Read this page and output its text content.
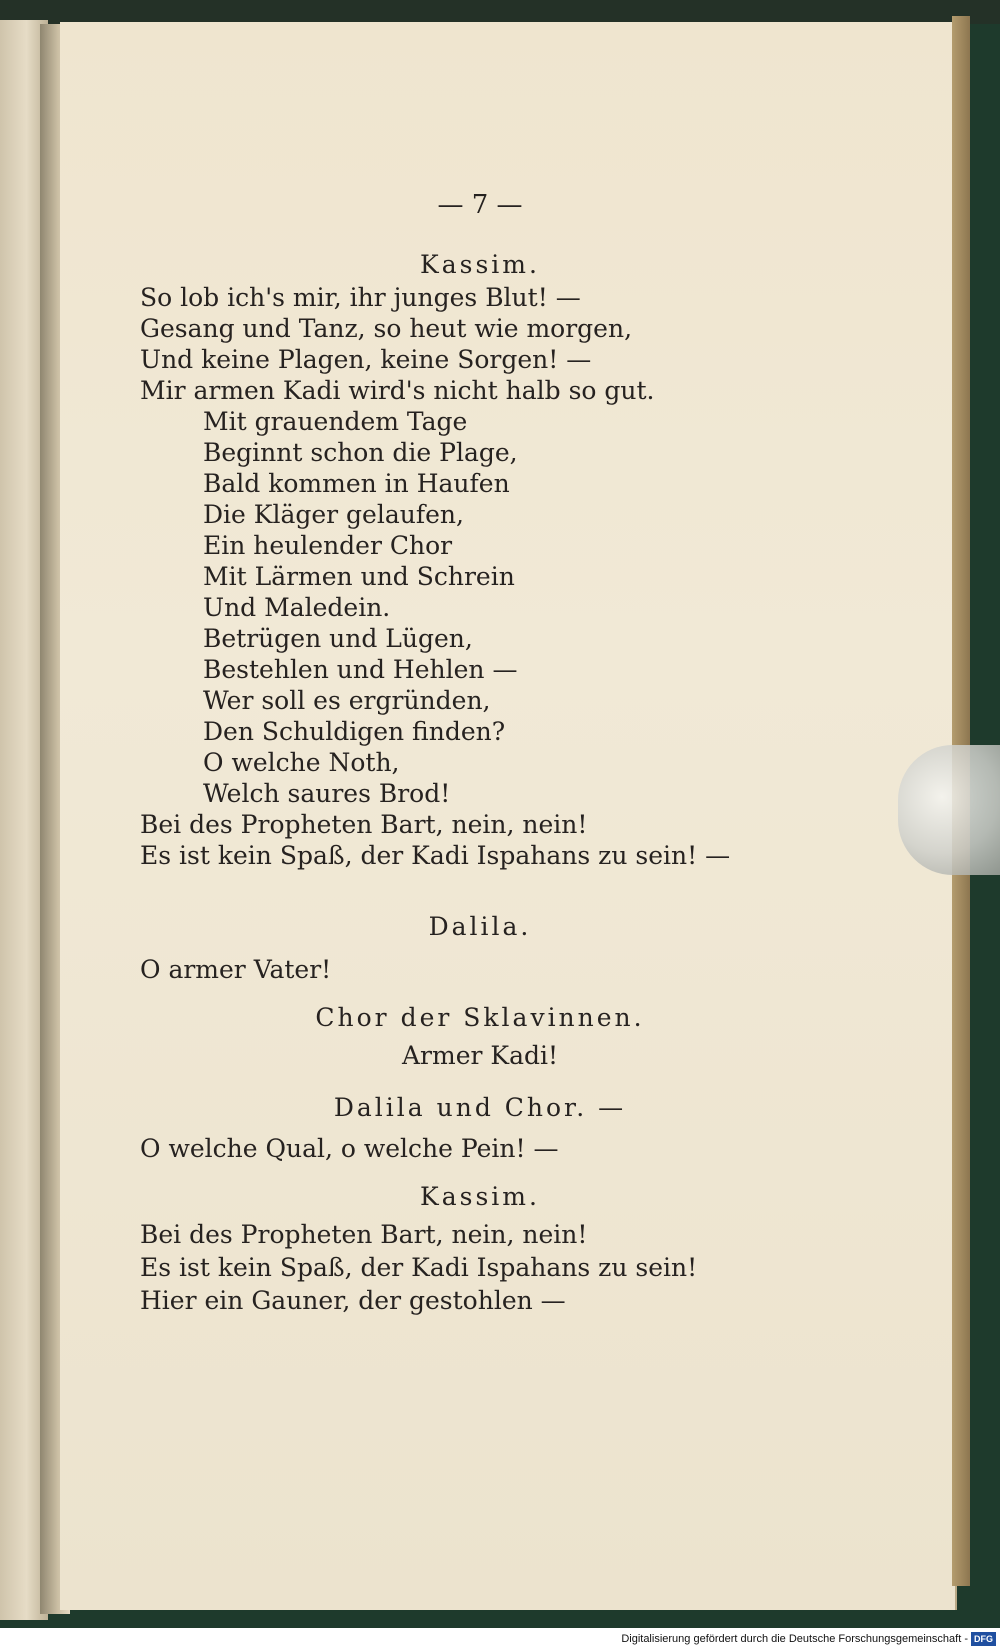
— 7 —
Kassim.
So lob ich's mir, ihr junges Blut! —
Gesang und Tanz, so heut wie morgen,
Und keine Plagen, keine Sorgen! —
Mir armen Kadi wird's nicht halb so gut.
Mit grauendem Tage
Beginnt schon die Plage,
Bald kommen in Haufen
Die Kläger gelaufen,
Ein heulender Chor
Mit Lärmen und Schrein
Und Maledein.
Betrügen und Lügen,
Bestehlen und Hehlen —
Wer soll es ergründen,
Den Schuldigen finden?
O welche Noth,
Welch saures Brod!
Bei des Propheten Bart, nein, nein!
Es ist kein Spaß, der Kadi Ispahans zu sein! —
Dalila.
O armer Vater!
Chor der Sklavinnen.
Armer Kadi!
Dalila und Chor. —
O welche Qual, o welche Pein! —
Kassim.
Bei des Propheten Bart, nein, nein!
Es ist kein Spaß, der Kadi Ispahans zu sein!
Hier ein Gauner, der gestohlen —
Digitalisierung gefördert durch die Deutsche Forschungsgemeinschaft - DFG
